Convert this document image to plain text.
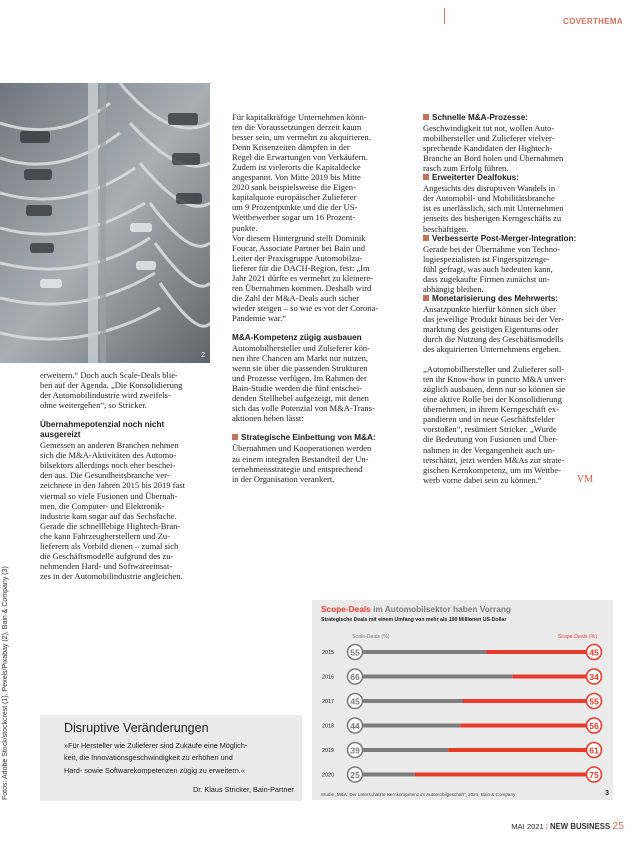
COVERTHEMA
2
Fotos: Adobe Stock/stockcrest (1), Pexels/Pixabay (2), Bain & Company (3)

erweitern.“ Doch auch Scale-Deals blie-

ben auf der Agenda. „Die Konsolidierung

der Automobilindustrie wird zweifels-

ohne weitergehen“, so Stricker.

Übernahmepotenzial noch nicht

ausgereizt

Gemessen an anderen Branchen nehmen

sich die M&A-Aktivitäten des Automo-

bilsektors allerdings noch eher beschei-

den aus. Die Gesundheitsbranche ver-

zeichnete in den Jahren 2015 bis 2019 fast

viermal so viele Fusionen und Übernah-

men, die Computer- und Elektronik-

industrie kam sogar auf das Sechsfache.

Gerade die schnelllebige Hightech-Bran-

che kann Fahrzeugherstellern und Zu-

lieferern als Vorbild dienen – zumal sich

die Geschäftsmodelle aufgrund des zu-

nehmenden Hard- und Softwareeinsat-

zes in der Automobilindustrie angleichen.

Für kapitalkräftige Unternehmen könn-

ten die Voraussetzungen derzeit kaum

besser sein, um vermehrt zu akquirieren.

Denn Krisenzeiten dämpfen in der

Regel die Erwartungen von Verkäufern.

Zudem ist vielerorts die Kapitaldecke

angespannt. Von Mitte 2019 bis Mitte

2020 sank beispielsweise die Eigen-

kapitalquote europäischer Zulieferer

um 9 Prozentpunkte und die der US-

Wettbewerber sogar um 16 Prozent-

punkte.

Vor diesem Hintergrund stellt Dominik

Foucar, Associate Partner bei Bain und

Leiter der Praxisgruppe Automobilzu-

lieferer für die DACH-Region, fest: „Im

Jahr 2021 dürfte es vermehrt zu kleinere-

ren Übernahmen kommen. Deshalb wird

die Zahl der M&A-Deals auch sicher

wieder steigen – so wie es vor der Corona-

Pandemie war.“

M&A-Kompetenz zügig ausbauen

Automobilhersteller und Zulieferer kön-

nen ihre Chancen am Markt nur nutzen,

wenn sie über die passenden Strukturen

und Prozesse verfügen. Im Rahmen der

Bain-Studie werden die fünf entschei-

denden Stellhebel aufgezeigt, mit denen

sich das volle Potenzial von M&A-Trans-

aktionen heben lässt:

Strategische Einbettung von M&A:

Übernahmen und Kooperationen werden

zu einem integralen Bestandteil der Un-

ternehmensstrategie und entsprechend

in der Organisation verankert.

Schnelle M&A-Prozesse:

Geschwindigkeit tut not, wollen Auto-

mobilhersteller und Zulieferer vielver-

sprechende Kandidaten der Hightech-

Branche an Bord holen und Übernahmen

rasch zum Erfolg führen.

Erweiterter Dealfokus:

Angesichts des disruptiven Wandels in

der Automobil- und Mobilitätsbranche

ist es unerlässlich, sich mit Unternehmen

jenseits des bisherigen Kerngeschäfts zu

beschäftigen.

Verbesserte Post-Merger-Integration:

Gerade bei der Übernahme von Techno-

logiespezialisten ist Fingerspitzenge-

fühl gefragt, was auch bedeuten kann,

dass zugekaufte Firmen zunächst un-

abhängig bleiben.

Monetarisierung des Mehrwerts:

Ansatzpunkte hierfür können sich über

das jeweilige Produkt hinaus bei der Ver-

marktung des geistigen Eigentums oder

durch die Nutzung des Geschäftsmodells

des akquirierten Unternehmens ergeben.

„Automobilhersteller und Zulieferer soll-

ten ihr Know-how in puncto M&A unver-

züglich ausbauen, denn nur so können sie

eine aktive Rolle bei der Konsolidierung

übernehmen, in ihrem Kerngeschäft ex-

pandieren und in neue Geschäftsfelder

vorstoßen“, resümiert Stricker. „Wurde

die Bedeutung von Fusionen und Über-

nahmen in der Vergangenheit auch un-

terschätzt, jetzt werden M&As zur strate-

gischen Kernkompetenz, um im Wettbe-

werb vorne dabei sein zu können.“	VM

Disruptive Veränderungen
»Für Hersteller wie Zulieferer sind Zukäufe eine Möglich-
keit, die Innovationsgeschwindigkeit zu erhöhen und
Hard- sowie Softwarekompetenzen zügig zu erweitern.«
Dr. Klaus Stricker, Bain-Partner
Scope-Deals im Automobilsektor haben Vorrang
Strategische Deals mit einem Umfang von mehr als 100 Millionen US-Dollar
Scale-Deals (%)	Scope-Deals (%)
2015 55	45
2016 66	34
2017 45	55
2018 44	56
2019 39	61
2020 25	75
Studie „M&A: Der unterschätzte Kernkompetenz im Automobilgeschäft“, 2021, Bain & Company	3
MAI 2021 | NEW BUSINESS 25
